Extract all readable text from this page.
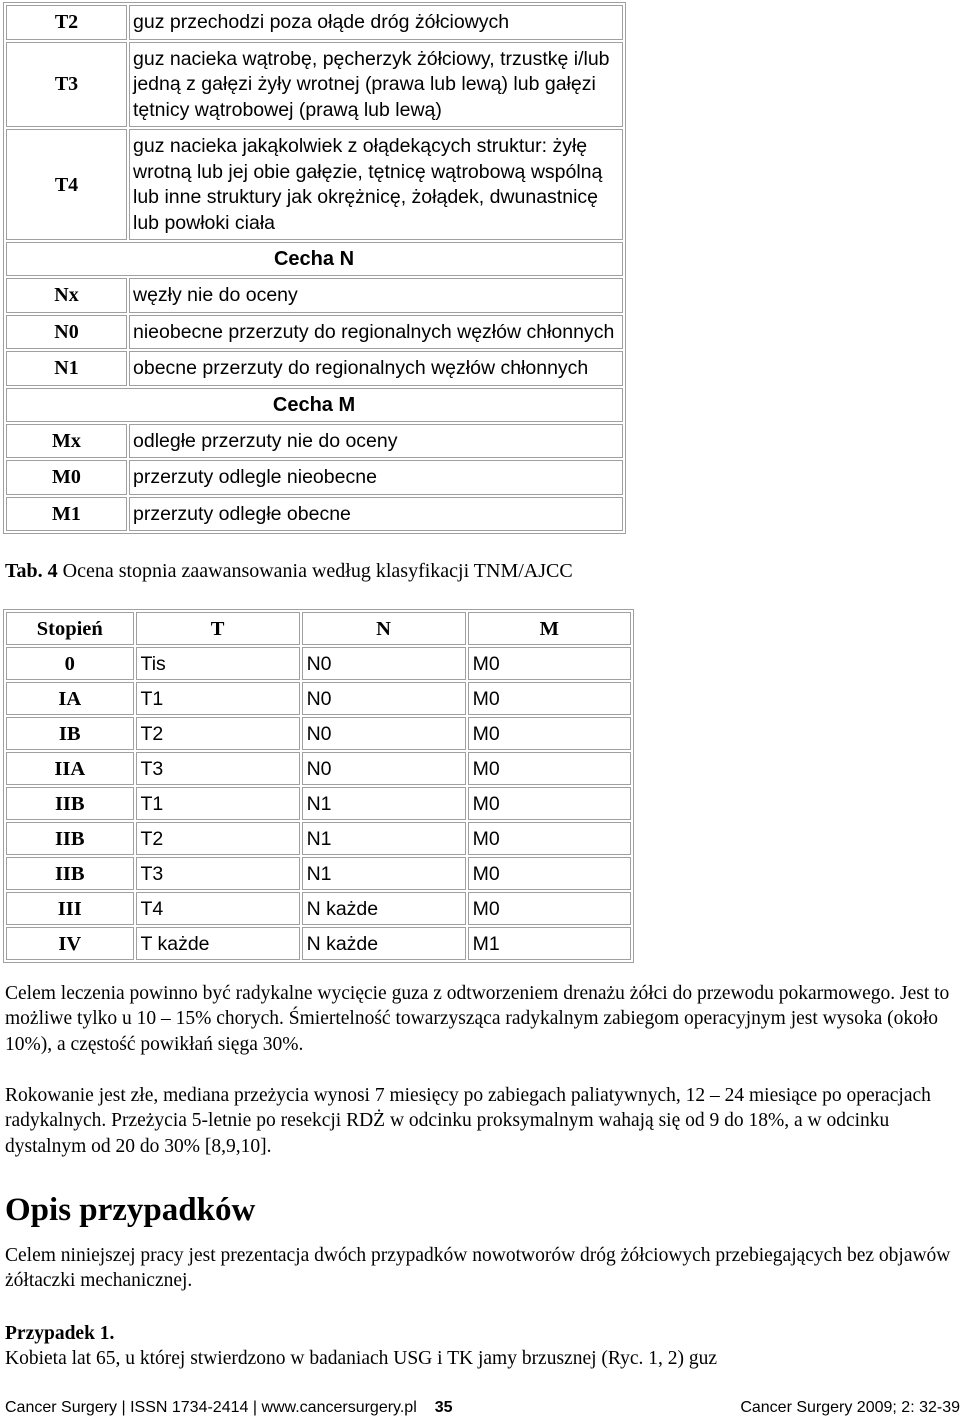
T2	guz przechodzi poza ołąde dróg żółciowych
T3	guz nacieka wątrobę, pęcherzyk żółciowy, trzustkę i/lub jedną z gałęzi żyły wrotnej (prawa lub lewą) lub gałęzi tętnicy wątrobowej (prawą lub lewą)
T4	guz nacieka jakąkolwiek z ołądekących struktur: żyłę wrotną lub jej obie gałęzie, tętnicę wątrobową wspólną lub inne struktury jak okrężnicę, żołądek, dwunastnicę lub powłoki ciała
Cecha N	
Nx	węzły nie do oceny
N0	nieobecne przerzuty do regionalnych węzłów chłonnych
N1	obecne przerzuty do regionalnych węzłów chłonnych
Cecha M	
Mx	odległe przerzuty nie do oceny
M0	przerzuty odlegle nieobecne
M1	przerzuty odległe obecne
Tab. 4 Ocena stopnia zaawansowania według klasyfikacji TNM/AJCC
Stopień	T	N	M
0	Tis	N0	M0
IA	T1	N0	M0
IB	T2	N0	M0
IIA	T3	N0	M0
IIB	T1	N1	M0
IIB	T2	N1	M0
IIB	T3	N1	M0
III	T4	N każde	M0
IV	T każde	N każde	M1
Celem leczenia powinno być radykalne wycięcie guza z odtworzeniem drenażu żółci do przewodu pokarmowego. Jest to możliwe tylko u 10 – 15% chorych. Śmiertelność towarzysząca radykalnym zabiegom operacyjnym jest wysoka (około 10%), a częstość powikłań sięga 30%.
Rokowanie jest złe, mediana przeżycia wynosi 7 miesięcy po zabiegach paliatywnych, 12 – 24 miesiące po operacjach radykalnych. Przeżycia 5-letnie po resekcji RDŻ w odcinku proksymalnym wahają się od 9 do 18%, a w odcinku dystalnym od 20 do 30% [8,9,10].
Opis przypadków
Celem niniejszej pracy jest prezentacja dwóch przypadków nowotworów dróg żółciowych przebiegających bez objawów żółtaczki mechanicznej.
Przypadek 1.
Kobieta lat 65, u której stwierdzono w badaniach USG i TK jamy brzusznej (Ryc. 1, 2) guz
Cancer Surgery | ISSN 1734-2414 | www.cancersurgery.pl 35	Cancer Surgery 2009; 2: 32-39
